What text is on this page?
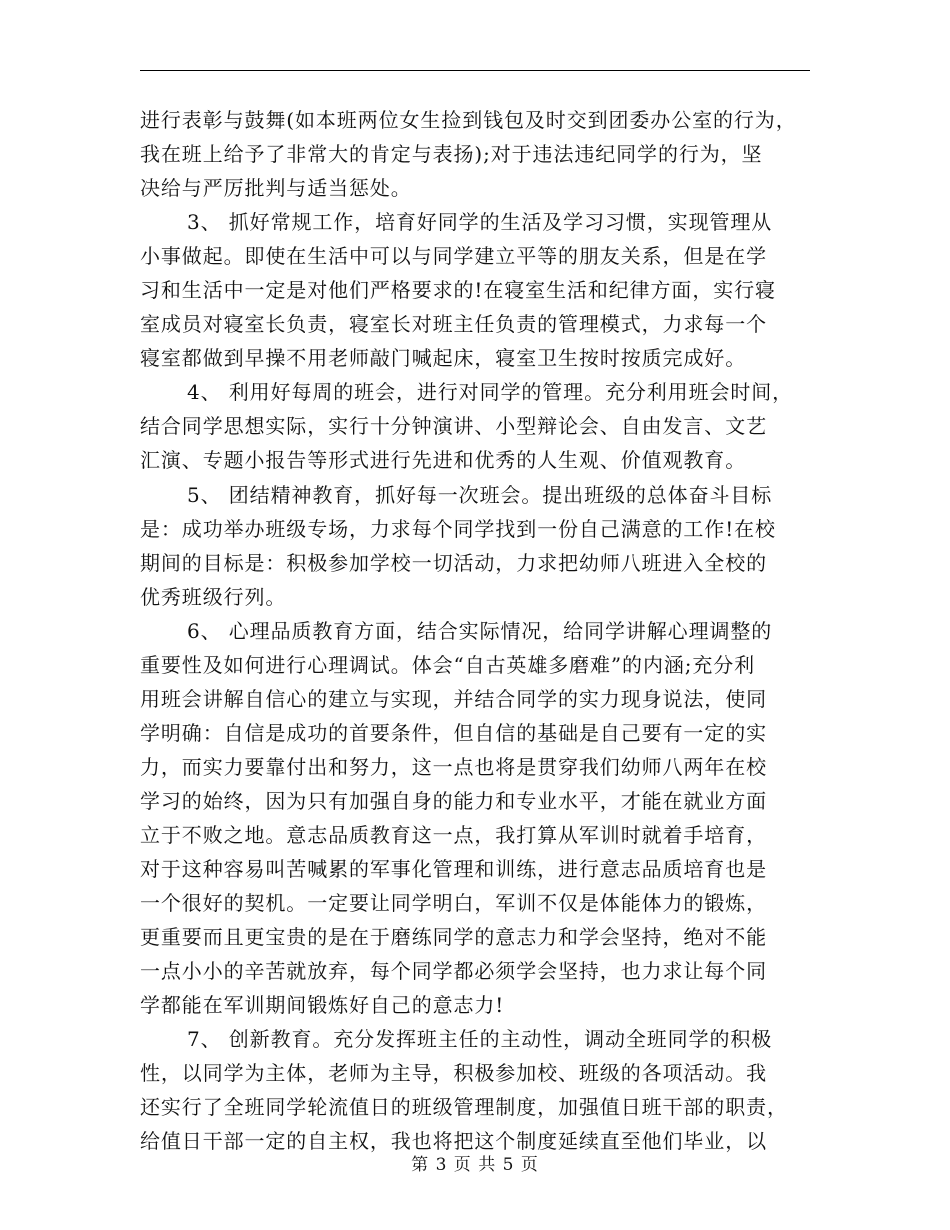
进行表彰与鼓舞(如本班两位女生捡到钱包及时交到团委办公室的行为，
我在班上给予了非常大的肯定与表扬);对于违法违纪同学的行为，坚
决给与严厉批判与适当惩处。
3、 抓好常规工作，培育好同学的生活及学习习惯，实现管理从
小事做起。即使在生活中可以与同学建立平等的朋友关系，但是在学
习和生活中一定是对他们严格要求的!在寝室生活和纪律方面，实行寝
室成员对寝室长负责，寝室长对班主任负责的管理模式，力求每一个
寝室都做到早操不用老师敲门喊起床，寝室卫生按时按质完成好。
4、 利用好每周的班会，进行对同学的管理。充分利用班会时间，
结合同学思想实际，实行十分钟演讲、小型辩论会、自由发言、文艺
汇演、专题小报告等形式进行先进和优秀的人生观、价值观教育。
5、 团结精神教育，抓好每一次班会。提出班级的总体奋斗目标
是：成功举办班级专场，力求每个同学找到一份自己满意的工作!在校
期间的目标是：积极参加学校一切活动，力求把幼师八班进入全校的
优秀班级行列。
6、 心理品质教育方面，结合实际情况，给同学讲解心理调整的
重要性及如何进行心理调试。体会“自古英雄多磨难”的内涵;充分利
用班会讲解自信心的建立与实现，并结合同学的实力现身说法，使同
学明确：自信是成功的首要条件，但自信的基础是自己要有一定的实
力，而实力要靠付出和努力，这一点也将是贯穿我们幼师八两年在校
学习的始终，因为只有加强自身的能力和专业水平，才能在就业方面
立于不败之地。意志品质教育这一点，我打算从军训时就着手培育，
对于这种容易叫苦喊累的军事化管理和训练，进行意志品质培育也是
一个很好的契机。一定要让同学明白，军训不仅是体能体力的锻炼，
更重要而且更宝贵的是在于磨练同学的意志力和学会坚持，绝对不能
一点小小的辛苦就放弃，每个同学都必须学会坚持，也力求让每个同
学都能在军训期间锻炼好自己的意志力!
7、 创新教育。充分发挥班主任的主动性，调动全班同学的积极
性，以同学为主体，老师为主导，积极参加校、班级的各项活动。我
还实行了全班同学轮流值日的班级管理制度，加强值日班干部的职责，
给值日干部一定的自主权，我也将把这个制度延续直至他们毕业，以
第 3 页 共 5 页
